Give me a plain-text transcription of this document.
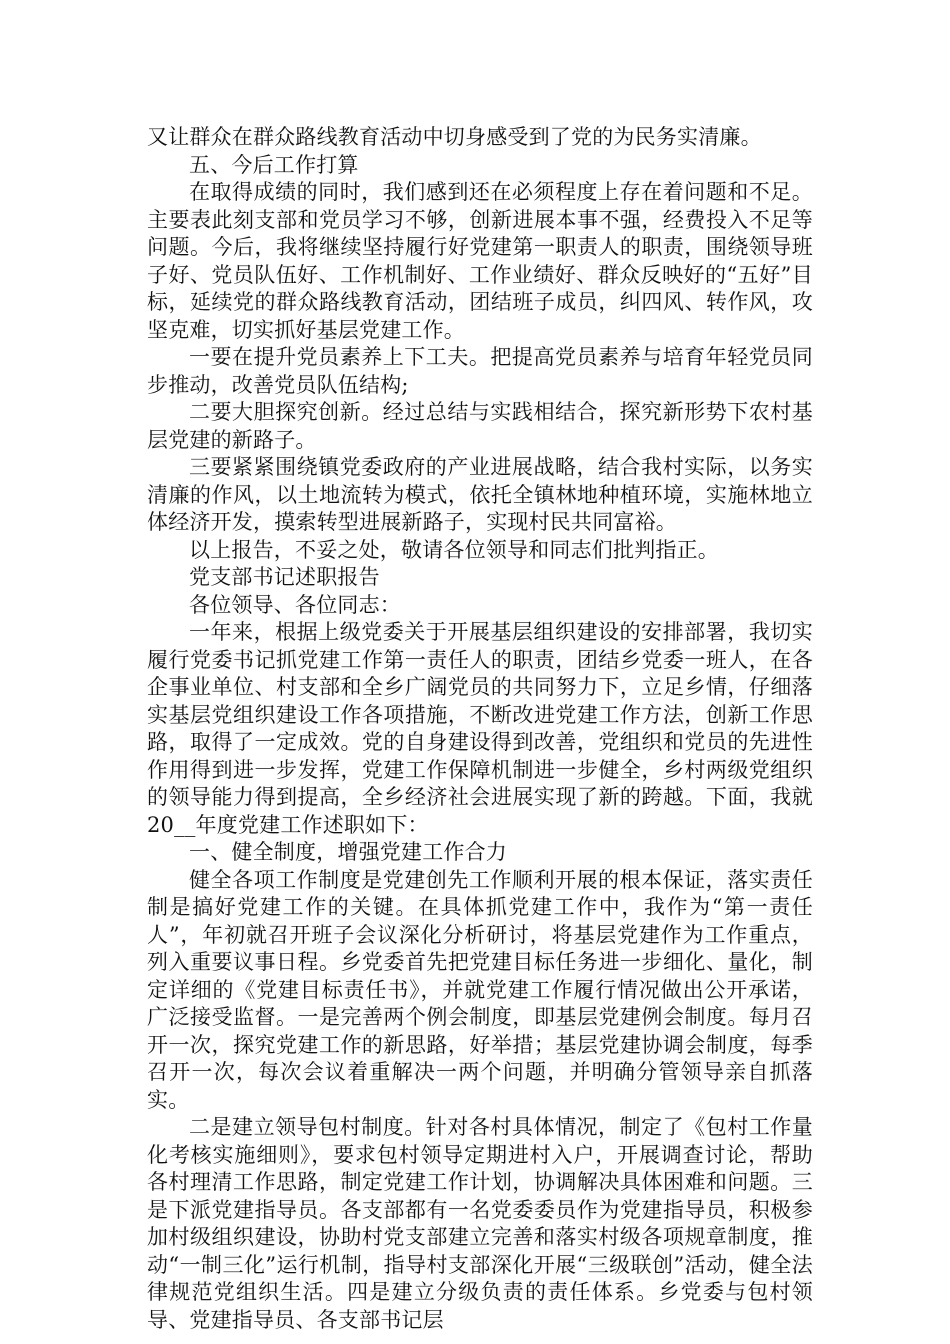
又让群众在群众路线教育活动中切身感受到了党的为民务实清廉。

五、今后工作打算

在取得成绩的同时，我们感到还在必须程度上存在着问题和不足。主要表此刻支部和党员学习不够，创新进展本事不强，经费投入不足等问题。今后，我将继续坚持履行好党建第一职责人的职责，围绕领导班子好、党员队伍好、工作机制好、工作业绩好、群众反映好的“五好”目标，延续党的群众路线教育活动，团结班子成员，纠四风、转作风，攻坚克难，切实抓好基层党建工作。

一要在提升党员素养上下工夫。把提高党员素养与培育年轻党员同步推动，改善党员队伍结构;

二要大胆探究创新。经过总结与实践相结合，探究新形势下农村基层党建的新路子。

三要紧紧围绕镇党委政府的产业进展战略，结合我村实际，以务实清廉的作风，以土地流转为模式，依托全镇林地种植环境，实施林地立体经济开发，摸索转型进展新路子，实现村民共同富裕。

以上报告，不妥之处，敬请各位领导和同志们批判指正。

党支部书记述职报告

各位领导、各位同志：

一年来，根据上级党委关于开展基层组织建设的安排部署，我切实履行党委书记抓党建工作第一责任人的职责，团结乡党委一班人，在各企事业单位、村支部和全乡广阔党员的共同努力下，立足乡情，仔细落实基层党组织建设工作各项措施，不断改进党建工作方法，创新工作思路，取得了一定成效。党的自身建设得到改善，党组织和党员的先进性作用得到进一步发挥，党建工作保障机制进一步健全，乡村两级党组织的领导能力得到提高，全乡经济社会进展实现了新的跨越。下面，我就20__年度党建工作述职如下：

一、健全制度，增强党建工作合力

健全各项工作制度是党建创先工作顺利开展的根本保证，落实责任制是搞好党建工作的关键。在具体抓党建工作中，我作为“第一责任人”，年初就召开班子会议深化分析研讨，将基层党建作为工作重点，列入重要议事日程。乡党委首先把党建目标任务进一步细化、量化，制定详细的《党建目标责任书》，并就党建工作履行情况做出公开承诺，广泛接受监督。一是完善两个例会制度，即基层党建例会制度。每月召开一次，探究党建工作的新思路，好举措；基层党建协调会制度，每季召开一次，每次会议着重解决一两个问题，并明确分管领导亲自抓落实。

二是建立领导包村制度。针对各村具体情况，制定了《包村工作量化考核实施细则》，要求包村领导定期进村入户，开展调查讨论，帮助各村理清工作思路，制定党建工作计划，协调解决具体困难和问题。三是下派党建指导员。各支部都有一名党委委员作为党建指导员，积极参加村级组织建设，协助村党支部建立完善和落实村级各项规章制度，推动“一制三化”运行机制，指导村支部深化开展“三级联创”活动，健全法律规范党组织生活。四是建立分级负责的责任体系。乡党委与包村领导、党建指导员、各支部书记层
